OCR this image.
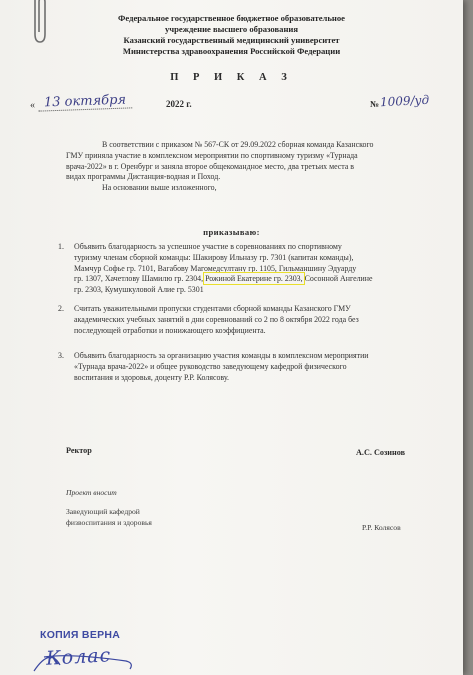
Федеральное государственное бюджетное образовательное
учреждение высшего образования
Казанский государственный медицинский университет
Министерства здравоохранения Российской Федерации
П Р И К А З
« 13 октября	2022 г.	№ 1009/уд
В соответствии с приказом № 567-СК от 29.09.2022 сборная команда Казанского
ГМУ приняла участие в комплексном мероприятии по спортивному туризму «Турнада
врача-2022» в г. Оренбург и заняла второе общекомандное место, два третьих места в
видах программы Дистанция-водная и Поход.
На основании выше изложенного,
приказываю:
1. Объявить благодарность за успешное участие в соревнованиях по спортивному
туризму членам сборной команды: Шакирову Ильназу гр. 7301 (капитан команды),
Мамчур Софье гр. 7101, Вагабову Магомедсултану гр. 1105, Гильманшину Эдуарду
гр. 1307, Хачетлову Шамилю гр. 2304, Рожиной Екатерине гр. 2303, Сосонной Ангелине
гр. 2303, Кумушкуловой Алие гр. 5301
2. Считать уважительными пропуски студентами сборной команды Казанского ГМУ
академических учебных занятий в дни соревнований со 2 по 8 октября 2022 года без
последующей отработки и понижающего коэффициента.
3. Объявить благодарность за организацию участия команды в комплексном мероприятии
«Турнада врача-2022» и общее руководство заведующему кафедрой физического
воспитания и здоровья, доценту Р.Р. Колясову.
Ректор	А.С. Созинов
Проект вносит
Заведующий кафедрой
физвоспитания и здоровья
Р.Р. Колясов
КОПИЯ ВЕРНА
Колас
